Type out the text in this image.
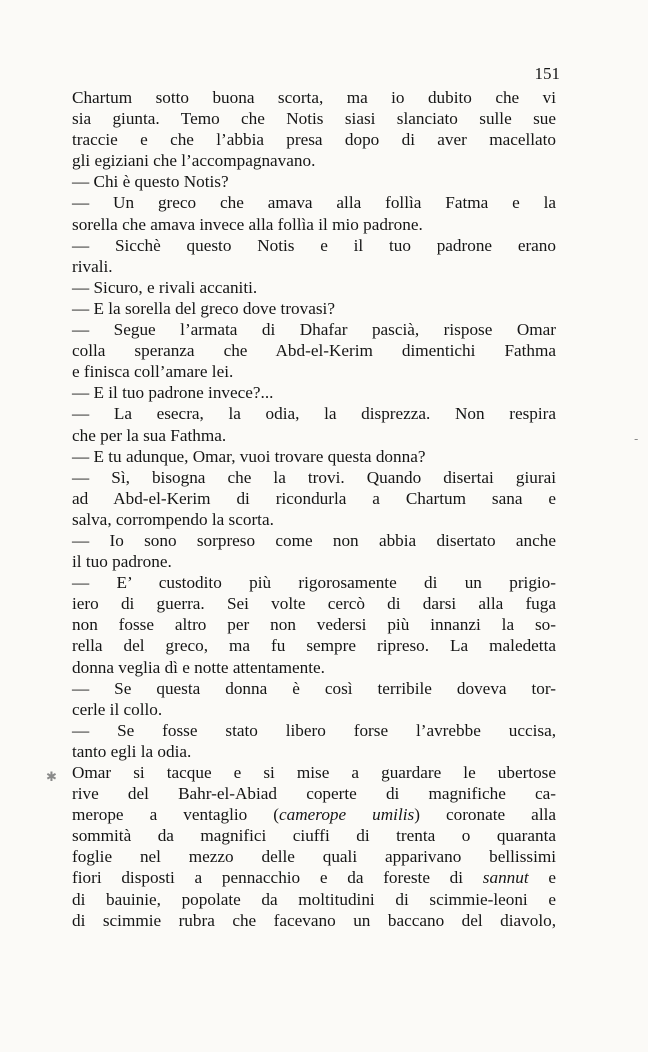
151
Chartum sotto buona scorta, ma io dubito che vi
sia giunta. Temo che Notis siasi slanciato sulle sue
traccie e che l’abbia presa dopo di aver macellato
gli egiziani che l’accompagnavano.
— Chi è questo Notis?
— Un greco che amava alla follìa Fatma e la
sorella che amava invece alla follìa il mio padrone.
— Sicchè questo Notis e il tuo padrone erano
rivali.
— Sicuro, e rivali accaniti.
— E la sorella del greco dove trovasi?
— Segue l’armata di Dhafar pascià, rispose Omar
colla speranza che Abd-el-Kerim dimentichi Fathma
e finisca coll’amare lei.
— E il tuo padrone invece?...
— La esecra, la odia, la disprezza. Non respira
che per la sua Fathma.
— E tu adunque, Omar, vuoi trovare questa donna?
— Sì, bisogna che la trovi. Quando disertai giurai
ad Abd-el-Kerim di ricondurla a Chartum sana e
salva, corrompendo la scorta.
— Io sono sorpreso come non abbia disertato anche
il tuo padrone.
— E’ custodito più rigorosamente di un prigio-
iero di guerra. Sei volte cercò di darsi alla fuga
non fosse altro per non vedersi più innanzi la so-
rella del greco, ma fu sempre ripreso. La maledetta
donna veglia dì e notte attentamente.
— Se questa donna è così terribile doveva tor-
cerle il collo.
— Se fosse stato libero forse l’avrebbe uccisa,
tanto egli la odia.
Omar si tacque e si mise a guardare le ubertose
rive del Bahr-el-Abiad coperte di magnifiche ca-
merope a ventaglio (camerope umilis) coronate alla
sommità da magnifici ciuffi di trenta o quaranta
foglie nel mezzo delle quali apparivano bellissimi
fiori disposti a pennacchio e da foreste di sannut e
di bauinie, popolate da moltitudini di scimmie-leoni e
di scimmie rubra che facevano un baccano del diavolo,
-
✱
